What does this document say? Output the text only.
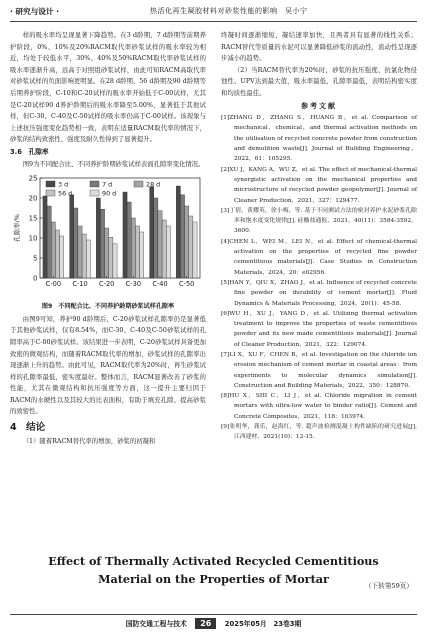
· 研究与设计 ·	热活化再生凝胶材料对砂浆性能的影响　吴小宁
样的吸水率均呈现显著下降趋势。在3 d龄期、7 d龄期等前期养护阶段，0%、10%及20%RACM取代率砂浆试样的吸水率较为相近，均处于较低水平，30%、40%及50%RACM取代率砂浆试样的吸水率逐渐升高，远高于对照组砂浆试样，由此可知RACM高取代率对砂浆试样的负面影响更明显。在28 d龄期、56 d龄期及90 d龄期等后期养护阶段，C-10和C-20试样的吸水率开始低于C-00试样，尤其是C-20试样90 d养护龄期后的吸水率降至5.00%，显著低于其他试样，但C-30、C-40及C-50试样的吸水率仍高于C-00试样。该现象与上述抗压强度变化趋势相一致，表明在适量RACM取代率的情况下，砂浆的结构致密性、强度及耐久性得到了显著提升。
3.6　孔隙率
图9为不同配合比、不同养护龄期砂浆试样表面孔隙率变化情况。
0
5
10
15
20
25
孔隙率/%
C-00 C-10 C-20 C-30 C-40 C-50
3 d	7 d	28 d
56 d	90 d
图9　不同配合比、不同养护龄期砂浆试样孔隙率
由图9可知，养护90 d龄期后，C-20砂浆试样孔隙率仍是显著低于其他砂浆试样，仅有8.54%，而C-30、C-40及C-50砂浆试样的孔隙率高于C-00砂浆试样。该结果进一步表明，C-20砂浆试样具备更加致密的微观结构，而随着RACM取代率的增加，砂浆试样的孔隙率出现逐渐上升的趋势。由此可见，RACM取代率为20%时，再生砂浆试样的孔隙率最低，密实度最好。整体而言，RACM显著改善了砂浆的性能，尤其在微观结构和抗压强度等方面，这一提升主要归因于RACM的水硬性以及其较大的比表面积，有助于填充孔隙、提高砂浆的致密性。
4　结论
（1）随着RACM替代率的增加，砂浆的初凝和
终凝时间逐渐缩短，凝结速率加快，且两者具有显著的线性关系；RACM替代等质量的水泥可以显著降低砂浆的流动性，流动性呈现逐步减小的趋势。
（2）当RACM替代率为20%时，砂浆的抗压强度、抗氯化物侵蚀性、UPV达到最大值，吸水率最低，孔隙率最低，表明结构密实度和均质性最佳。
参考文献
[1]ZHANG D，ZHANG S，HUANG B，et al. Comparison of mechanical，chemical，and thermal activation methods on the utilisation of recycled concrete powder from construction and demolition waste[J]. Journal of Building Engineering，2022，61：105295.
[2]XU J，KANG A，WU Z，et al. The effect of mechanical-thermal synergistic activation on the mechanical properties and microstructure of recycled powder geopolymer[J]. Journal of Cleaner Production，2021，327：129477.
[3]丁倩，黄耀英，徐小梅，等. 基于不同测试方法的密封养护水泥砂浆孔隙率和饱水度变化规律[J]. 硅酸盐通报，2021，40(11)：3584-3592，3600.
[4]CHEN L，WEI M，LEI N，et al. Effect of chemical-thermal activation on the properties of recycled fine powder cementitious materials[J]. Case Studies in Construction Materials，2024，20：e02956.
[5]HAN Y，QIU X，ZHAO J，et al. Influence of recycled concrete fine powder on durability of cement mortar[J]. Fluid Dynamics & Materials Processing，2024，20(1)：45-58.
[6]WU H，XU J，YANG D，et al. Utilizing thermal activation treatment to improve the properties of waste cementitious powder and its new made cementitious materials[J]. Journal of Cleaner Production，2021，322：129074.
[7]LI X，XU F，CHEN B，et al. Investigation on the chloride ion erosion mechanism of cement mortar in coastal areas：from experiments to molecular dynamics simulation[J]. Construction and Building Materials，2022，350：128870.
[8]HU X，SHI C，LI J，et al. Chloride migration in cement mortars with ultra-low water to binder ratio[J]. Cement and Concrete Composites，2021，118：103974.
[9]张明华，龚乐，赵海红，等. 超声波检测混凝土构件缺陷的研究进展[J]. 江西建材，2021(10)：12-15.
Effect of Thermally Activated Recycled Cementitious
Material on the Properties of Mortar	（下转第59页）
国防交通工程与技术 26 2025年05月　23卷3期
